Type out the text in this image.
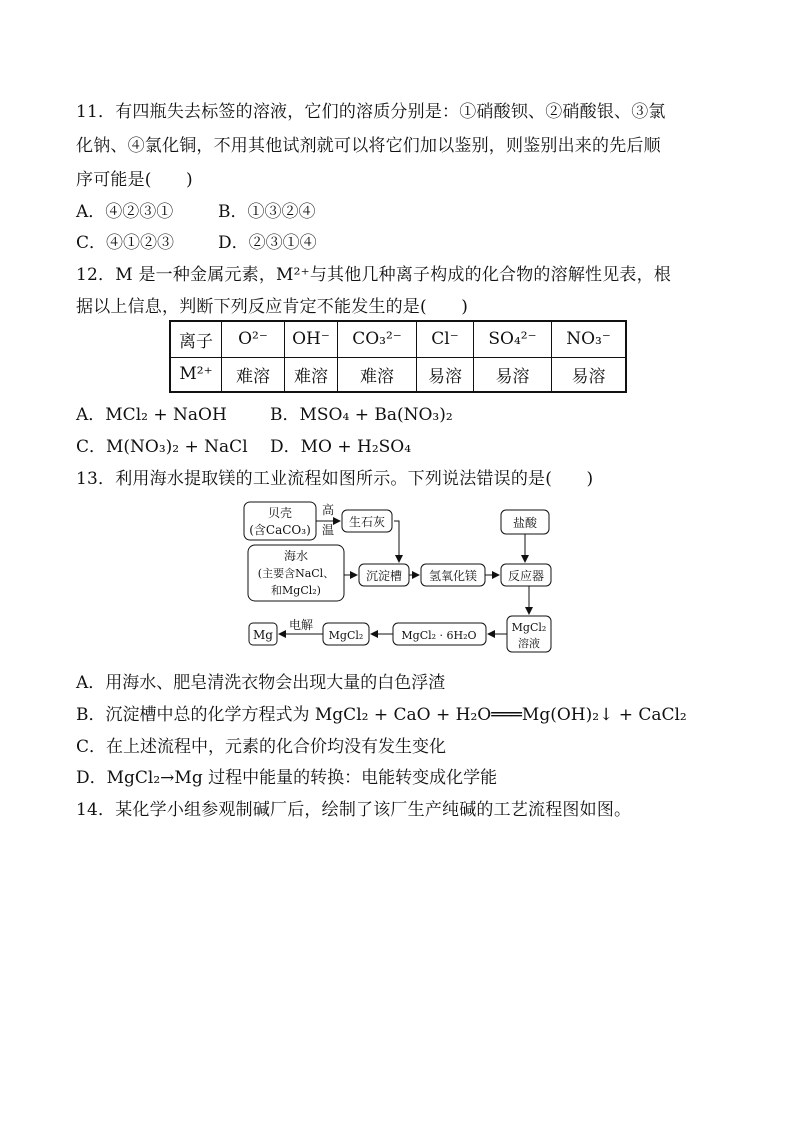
11．有四瓶失去标签的溶液，它们的溶质分别是：①硝酸钡、②硝酸银、③氯
化钠、④氯化铜，不用其他试剂就可以将它们加以鉴别，则鉴别出来的先后顺
序可能是(　　)
A．④②③①	B．①③②④
C．④①②③	D．②③①④
12．M 是一种金属元素，M²⁺与其他几种离子构成的化合物的溶解性见表，根
据以上信息，判断下列反应肯定不能发生的是(　　)
离子	O²⁻	OH⁻	CO₃²⁻	Cl⁻	SO₄²⁻	NO₃⁻
M²⁺	难溶	难溶	难溶	易溶	易溶	易溶
A．MCl₂ + NaOH	B．MSO₄ + Ba(NO₃)₂
C．M(NO₃)₂ + NaCl D．MO + H₂SO₄
13．利用海水提取镁的工业流程如图所示。下列说法错误的是(　　)
贝壳
(含CaCO₃)
高
温
生石灰	盐酸
海水
(主要含NaCl、
和MgCl₂)
沉淀槽 氢氧化镁	反应器
MgCl₂
溶液
MgCl₂ · 6H₂O
MgCl₂
电解
Mg
A．用海水、肥皂清洗衣物会出现大量的白色浮渣
B．沉淀槽中总的化学方程式为 MgCl₂ + CaO + H₂O═══Mg(OH)₂↓ + CaCl₂
C．在上述流程中，元素的化合价均没有发生变化
D．MgCl₂→Mg 过程中能量的转换：电能转变成化学能
14．某化学小组参观制碱厂后，绘制了该厂生产纯碱的工艺流程图如图。
